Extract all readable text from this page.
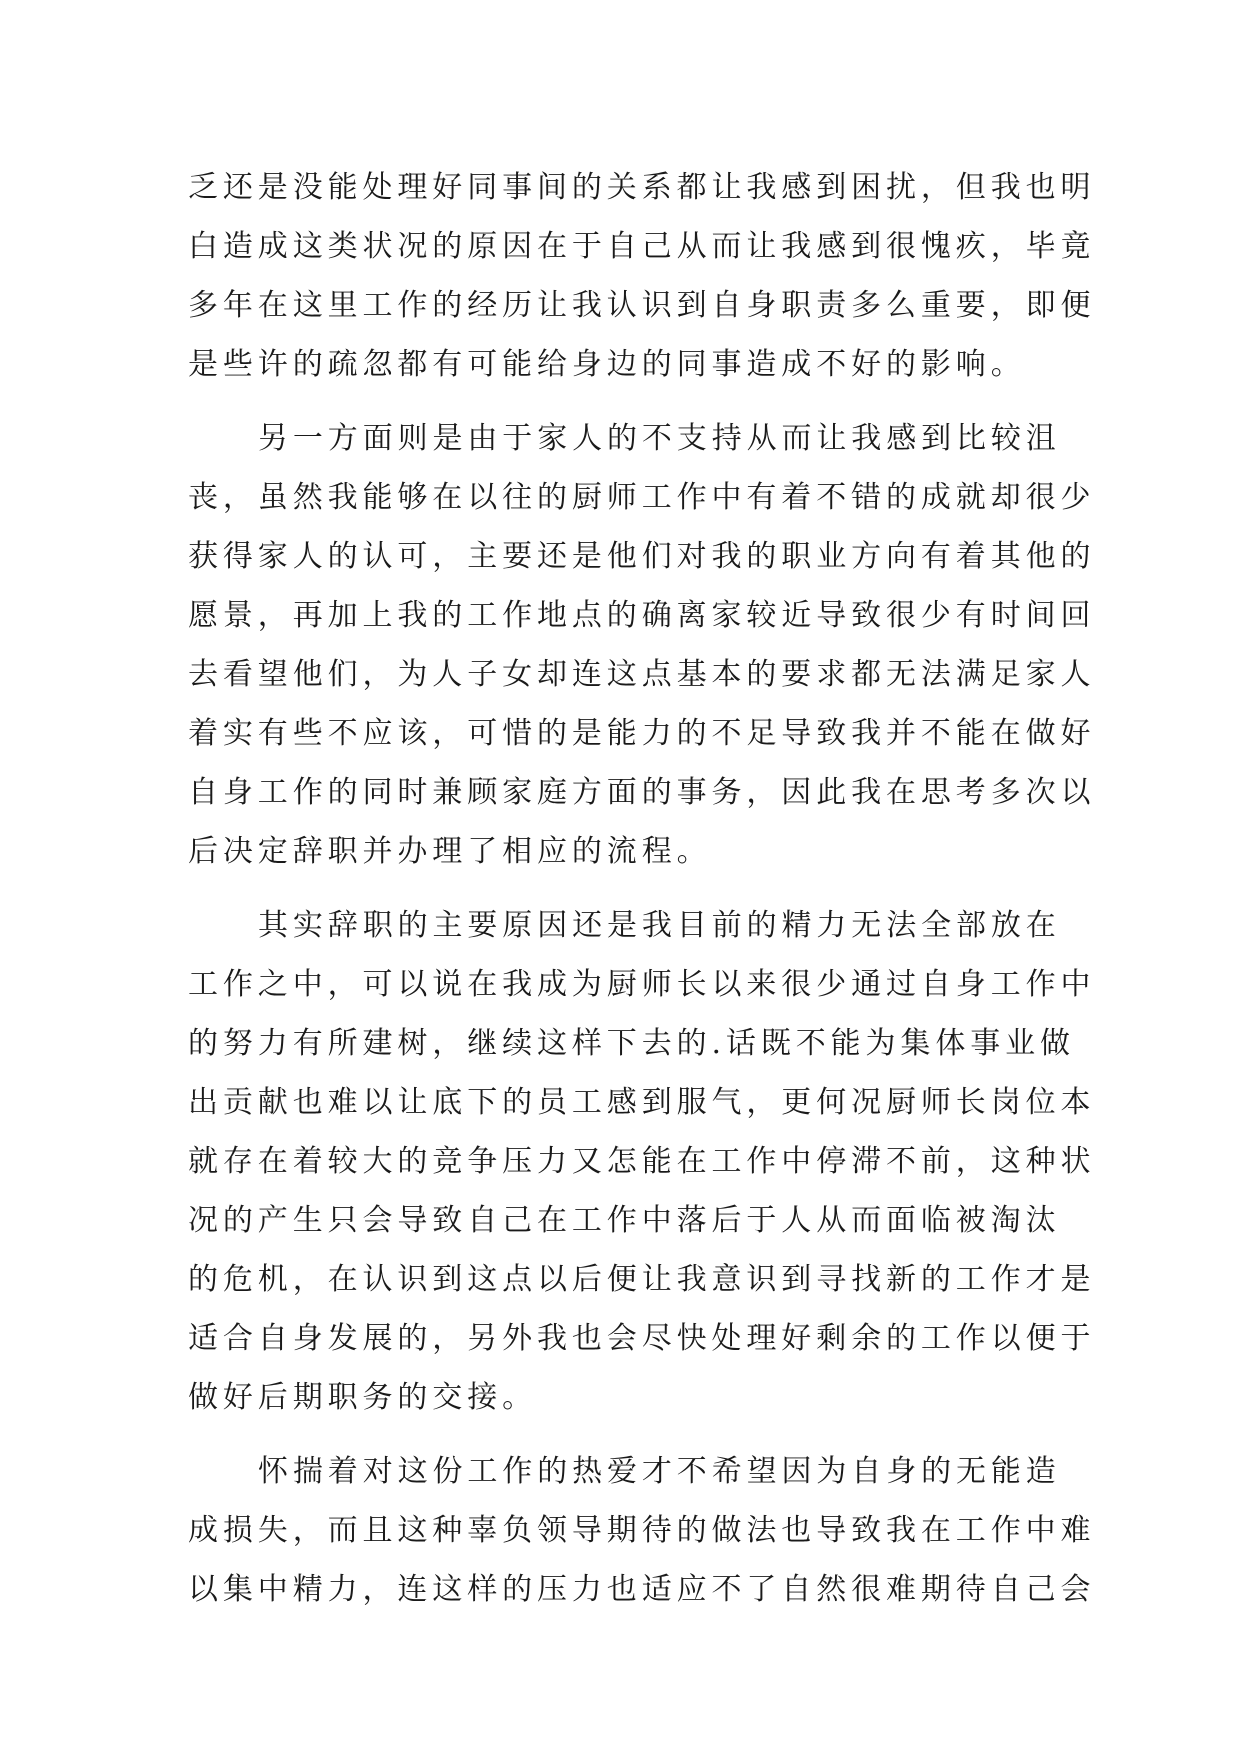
乏还是没能处理好同事间的关系都让我感到困扰，但我也明
白造成这类状况的原因在于自己从而让我感到很愧疚，毕竟
多年在这里工作的经历让我认识到自身职责多么重要，即便
是些许的疏忽都有可能给身边的同事造成不好的影响。
另一方面则是由于家人的不支持从而让我感到比较沮
丧，虽然我能够在以往的厨师工作中有着不错的成就却很少
获得家人的认可，主要还是他们对我的职业方向有着其他的
愿景，再加上我的工作地点的确离家较近导致很少有时间回
去看望他们，为人子女却连这点基本的要求都无法满足家人
着实有些不应该，可惜的是能力的不足导致我并不能在做好
自身工作的同时兼顾家庭方面的事务，因此我在思考多次以
后决定辞职并办理了相应的流程。
其实辞职的主要原因还是我目前的精力无法全部放在
工作之中，可以说在我成为厨师长以来很少通过自身工作中
的努力有所建树，继续这样下去的.话既不能为集体事业做
出贡献也难以让底下的员工感到服气，更何况厨师长岗位本
就存在着较大的竞争压力又怎能在工作中停滞不前，这种状
况的产生只会导致自己在工作中落后于人从而面临被淘汰
的危机，在认识到这点以后便让我意识到寻找新的工作才是
适合自身发展的，另外我也会尽快处理好剩余的工作以便于
做好后期职务的交接。
怀揣着对这份工作的热爱才不希望因为自身的无能造
成损失，而且这种辜负领导期待的做法也导致我在工作中难
以集中精力，连这样的压力也适应不了自然很难期待自己会
